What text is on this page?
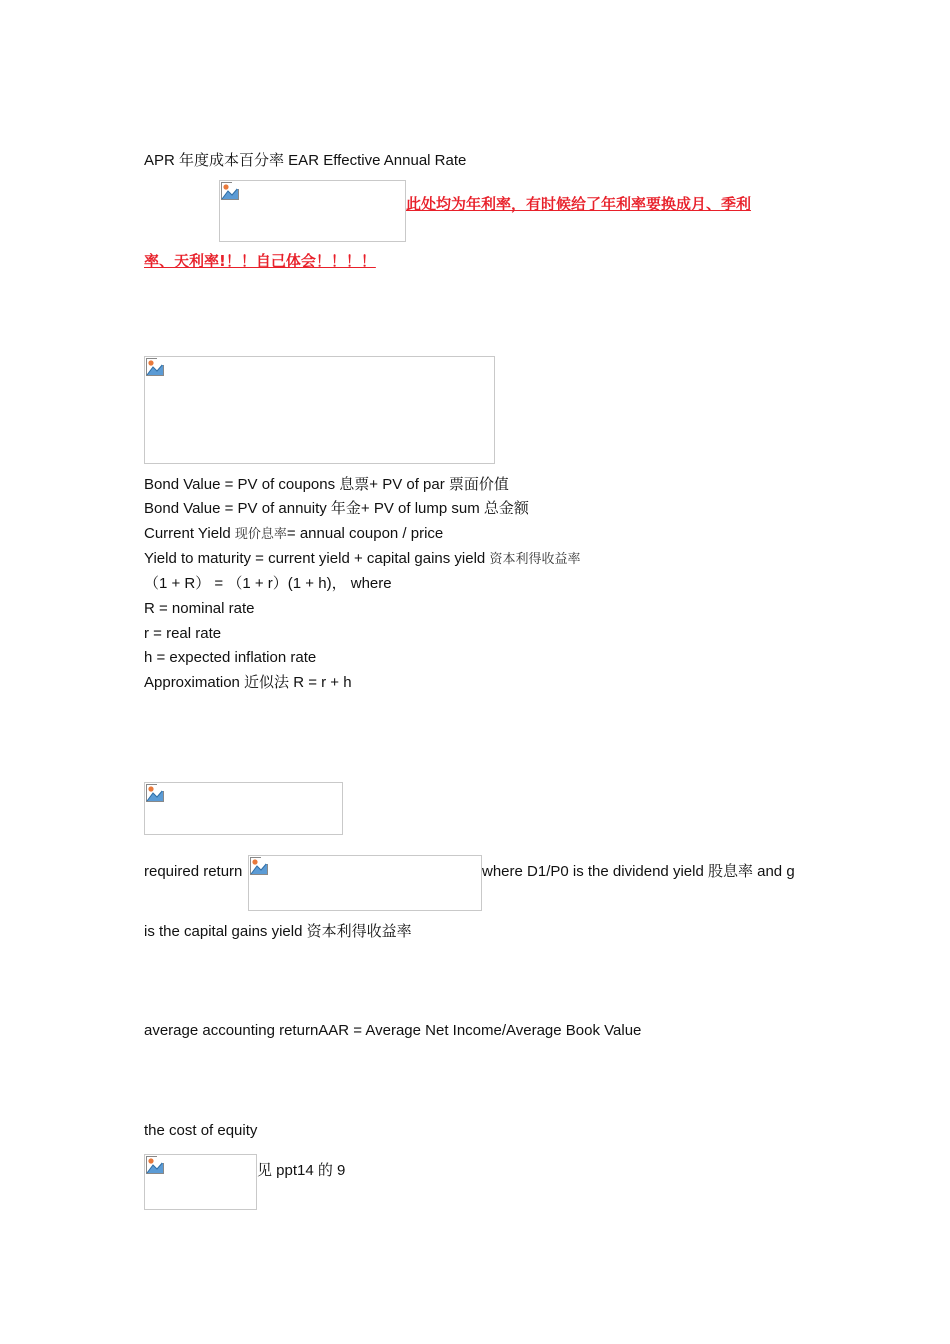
APR 年度成本百分率 EAR Effective Annual Rate
此处均为年利率，有时候给了年利率要换成月、季利
率、天利率!！！自己体会！！！！
Bond Value = PV of coupons 息票+ PV of par 票面价值
Bond Value = PV of annuity 年金+ PV of lump sum 总金额
Current Yield 现价息率= annual coupon / price
Yield to maturity = current yield + capital gains yield 资本利得收益率
（1 + R） = （1 + r）(1 + h)， where
R = nominal rate
r = real rate
h = expected inflation rate
Approximation 近似法 R = r + h
required return	where D1/P0 is the dividend yield 股息率 and g
is the capital gains yield 资本利得收益率
average accounting returnAAR = Average Net Income/Average Book Value
the cost of equity
见 ppt14 的 9
